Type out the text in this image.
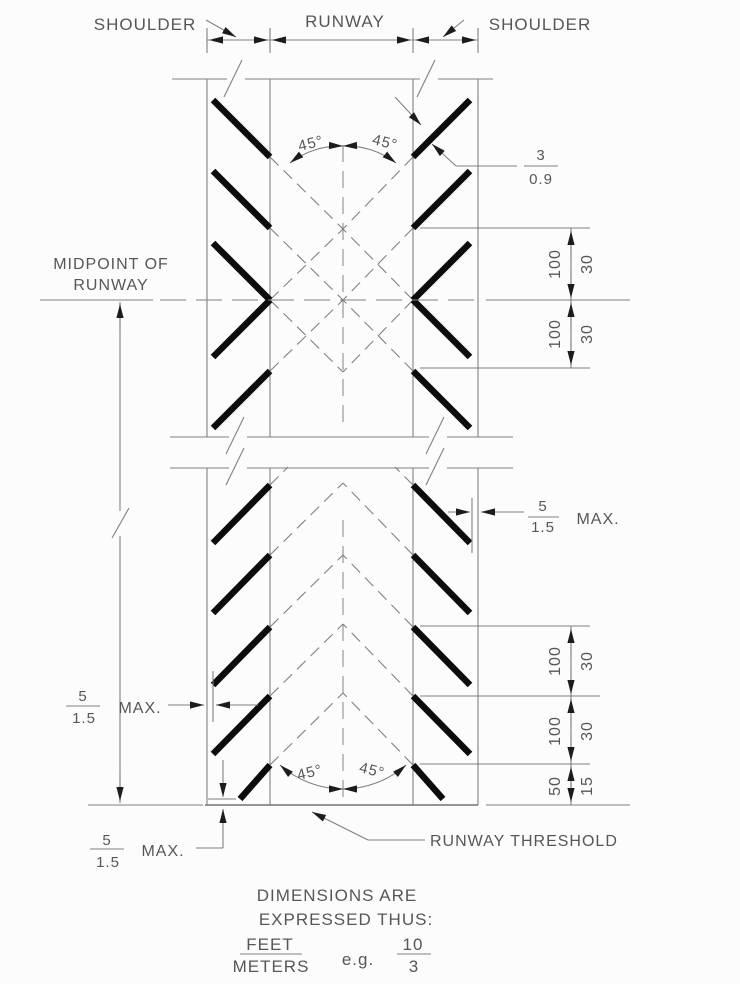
SHOULDER	RUNWAY	SHOULDER
45°	45°
45° 45°
3
0.9
MIDPOINT OF
RUNWAY
100 30
100 30
100 30
100 30
50 15
5
1.5 MAX.
5
1.5
MAX.
5
1.5
MAX.
RUNWAY THRESHOLD
DIMENSIONS ARE
EXPRESSED THUS:
FEET
METERS e.g.
10
3
